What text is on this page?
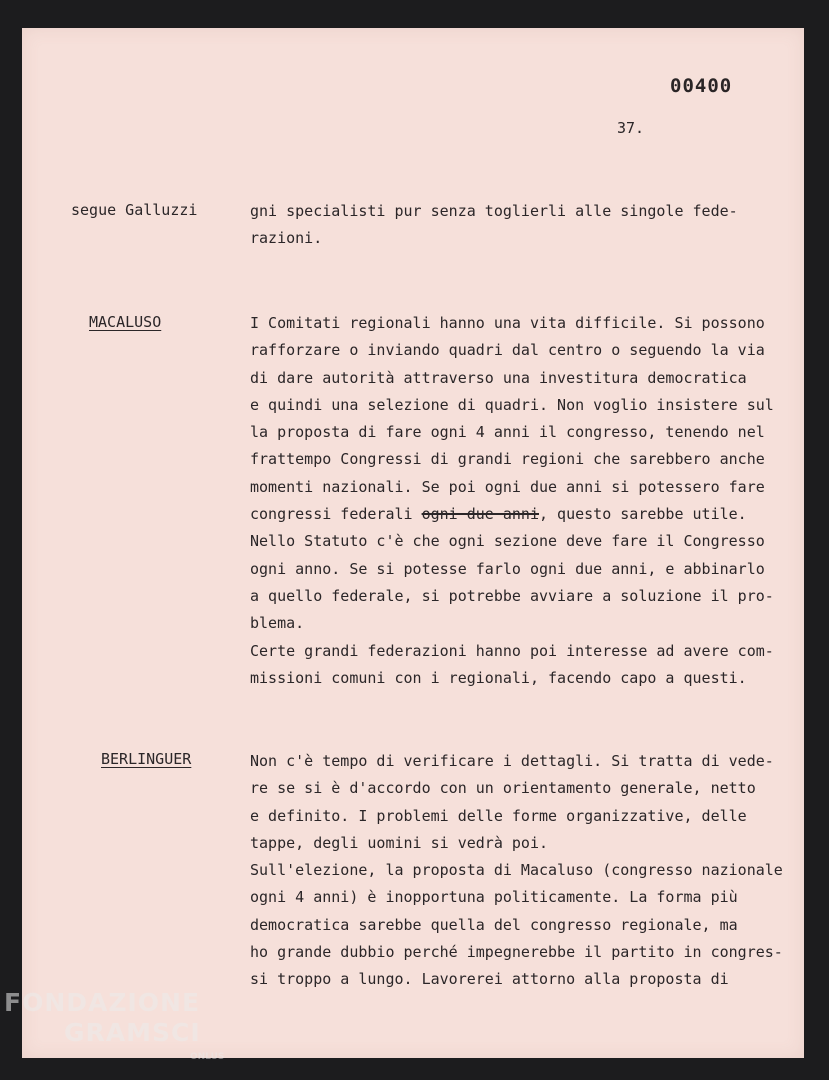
00400
37.
segue Galluzzi	gni specialisti pur senza toglierli alle singole fede-

razioni.

MACALUSO	I Comitati regionali hanno una vita difficile. Si possono

rafforzare o inviando quadri dal centro o seguendo la via

di dare autorità attraverso una investitura democratica

e quindi una selezione di quadri. Non voglio insistere sul

la proposta di fare ogni 4 anni il congresso, tenendo nel

frattempo Congressi di grandi regioni che sarebbero anche

momenti nazionali. Se poi ogni due anni si potessero fare

congressi federali ogni due anni, questo sarebbe utile.

Nello Statuto c'è che ogni sezione deve fare il Congresso

ogni anno. Se si potesse farlo ogni due anni, e abbinarlo

a quello federale, si potrebbe avviare a soluzione il pro-

blema.

Certe grandi federazioni hanno poi interesse ad avere com-

missioni comuni con i regionali, facendo capo a questi.

BERLINGUER	Non c'è tempo di verificare i dettagli. Si tratta di vede-

re se si è d'accordo con un orientamento generale, netto

e definito. I problemi delle forme organizzative, delle

tappe, degli uomini si vedrà poi.

Sull'elezione, la proposta di Macaluso (congresso nazionale

ogni 4 anni) è inopportuna politicamente. La forma più

democratica sarebbe quella del congresso regionale, ma

ho grande dubbio perché impegnerebbe il partito in congres-

si troppo a lungo. Lavorerei attorno alla proposta di

FONDAZIONE
GRAMSCI
ONLUS
